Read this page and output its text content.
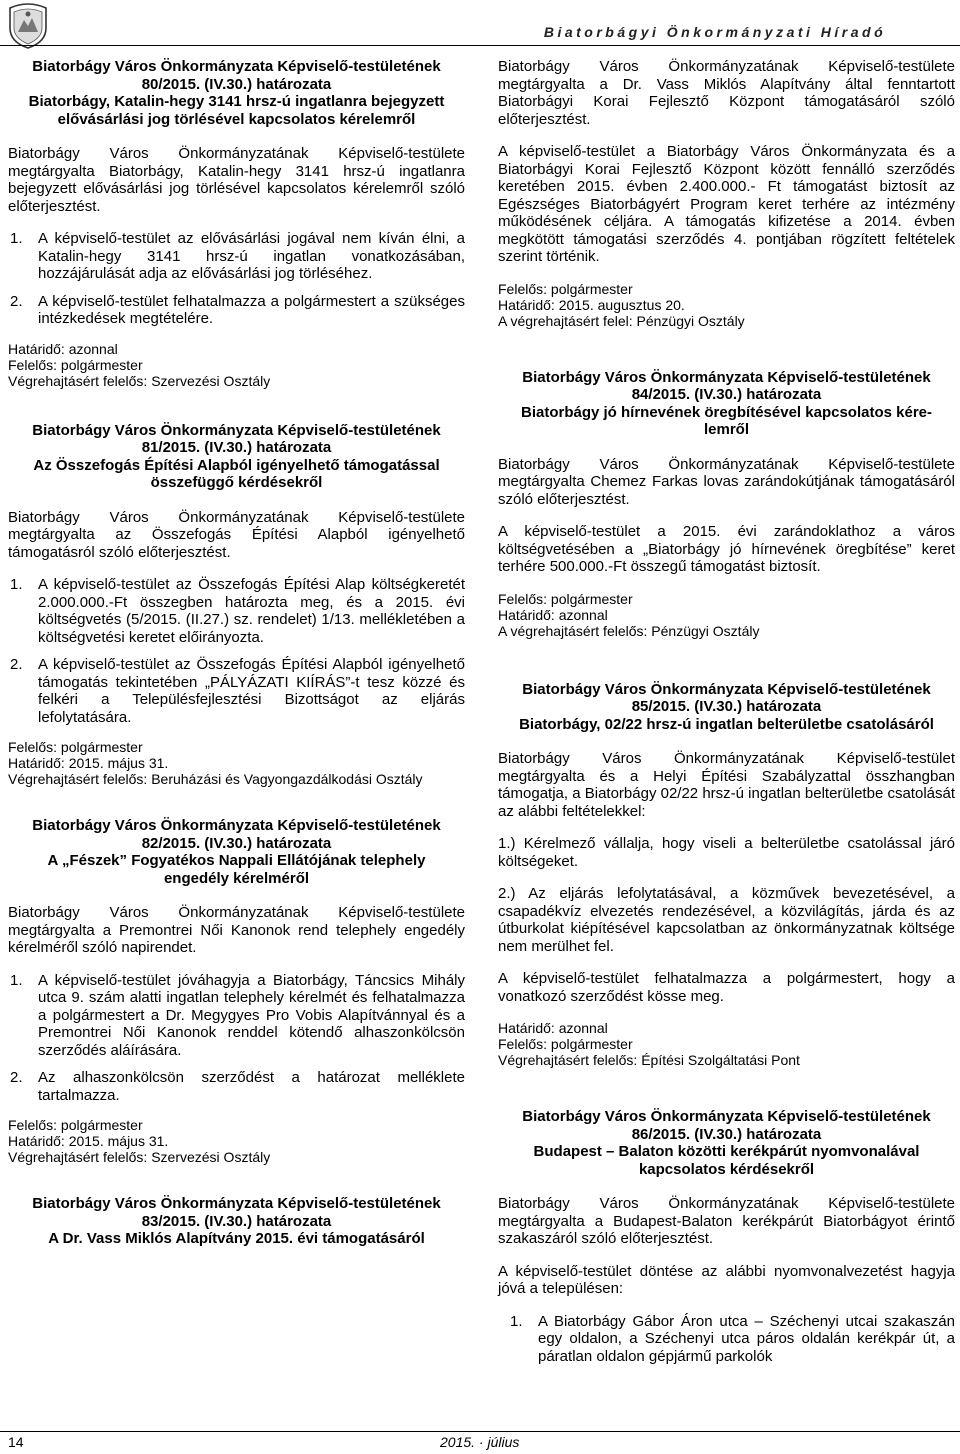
Biatorbágyi Önkormányzati Híradó
Biatorbágy Város Önkormányzata Képviselő-testületének
80/2015. (IV.30.) határozata
Biatorbágy, Katalin-hegy 3141 hrsz-ú ingatlanra bejegyzett
elővásárlási jog törlésével kapcsolatos kérelemről

Biatorbágy Város Önkormányzatának Képviselő-testülete megtárgyalta Biatorbágy, Katalin-hegy 3141 hrsz-ú ingatlanra bejegyzett elővásárlási jog törlésével kapcsolatos kérelemről szóló előterjesztést.

1.	A képviselő-testület az elővásárlási jogával nem kíván élni, a Katalin-hegy 3141 hrsz-ú ingatlan vonatkozásában, hozzájárulását adja az elővásárlási jog törléséhez.
2.	A képviselő-testület felhatalmazza a polgármestert a szükséges intézkedések megtételére.

Határidő: azonnal

Felelős: polgármester

Végrehajtásért felelős: Szervezési Osztály

Biatorbágy Város Önkormányzata Képviselő-testületének
81/2015. (IV.30.) határozata
Az Összefogás Építési Alapból igényelhető támogatással
összefüggő kérdésekről

Biatorbágy Város Önkormányzatának Képviselő-testülete megtárgyalta az Összefogás Építési Alapból igényelhető támogatásról szóló előterjesztést.

1.	A képviselő-testület az Összefogás Építési Alap költségkeretét 2.000.000.-Ft összegben határozta meg, és a 2015. évi költségvetés (5/2015. (II.27.) sz. rendelet) 1/13. mellékletében a költségvetési keretet előirányozta.
2.	A képviselő-testület az Összefogás Építési Alapból igényelhető támogatás tekintetében „PÁLYÁZATI KIÍRÁS”-t tesz közzé és felkéri a Településfejlesztési Bizottságot az eljárás lefolytatására.

Felelős: polgármester

Határidő: 2015. május 31.

Végrehajtásért felelős: Beruházási és Vagyongazdálkodási Osztály

Biatorbágy Város Önkormányzata Képviselő-testületének
82/2015. (IV.30.) határozata
A „Fészek” Fogyatékos Nappali Ellátójának telephely
engedély kérelméről

Biatorbágy Város Önkormányzatának Képviselő-testülete megtárgyalta a Premontrei Női Kanonok rend telephely engedély kérelméről szóló napirendet.

1.	A képviselő-testület jóváhagyja a Biatorbágy, Táncsics Mihály utca 9. szám alatti ingatlan telephely kérelmét és felhatalmazza a polgármestert a Dr. Megygyes Pro Vobis Alapítvánnyal és a Premontrei Női Kanonok renddel kötendő alhaszonkölcsön szerződés aláírására.
2.	Az alhaszonkölcsön szerződést a határozat melléklete tartalmazza.

Felelős: polgármester

Határidő: 2015. május 31.

Végrehajtásért felelős: Szervezési Osztály

Biatorbágy Város Önkormányzata Képviselő-testületének
83/2015. (IV.30.) határozata
A Dr. Vass Miklós Alapítvány 2015. évi támogatásáról

Biatorbágy Város Önkormányzatának Képviselő-testülete megtárgyalta a Dr. Vass Miklós Alapítvány által fenntartott Biatorbágyi Korai Fejlesztő Központ támogatásáról szóló előterjesztést.

A képviselő-testület a Biatorbágy Város Önkormányzata és a Biatorbágyi Korai Fejlesztő Központ között fennálló szerződés keretében 2015. évben 2.400.000.- Ft támogatást biztosít az Egészséges Biatorbágyért Program keret terhére az intézmény működésének céljára. A támogatás kifizetése a 2014. évben megkötött támogatási szerződés 4. pontjában rögzített feltételek szerint történik.

Felelős: polgármester

Határidő: 2015. augusztus 20.

A végrehajtásért felel: Pénzügyi Osztály

Biatorbágy Város Önkormányzata Képviselő-testületének
84/2015. (IV.30.) határozata
Biatorbágy jó hírnevének öregbítésével kapcsolatos kére-
lemről

Biatorbágy Város Önkormányzatának Képviselő-testülete megtárgyalta Chemez Farkas lovas zarándokútjának támogatásáról szóló előterjesztést.

A képviselő-testület a 2015. évi zarándoklathoz a város költségvetésében a „Biatorbágy jó hírnevének öregbítése” keret terhére 500.000.-Ft összegű támogatást biztosít.

Felelős: polgármester

Határidő: azonnal

A végrehajtásért felelős: Pénzügyi Osztály

Biatorbágy Város Önkormányzata Képviselő-testületének
85/2015. (IV.30.) határozata
Biatorbágy, 02/22 hrsz-ú ingatlan belterületbe csatolásáról

Biatorbágy Város Önkormányzatának Képviselő-testület megtárgyalta és a Helyi Építési Szabályzattal összhangban támogatja, a Biatorbágy 02/22 hrsz-ú ingatlan belterületbe csatolását az alábbi feltételekkel:

1.) Kérelmező vállalja, hogy viseli a belterületbe csatolással járó költségeket.

2.) Az eljárás lefolytatásával, a közművek bevezetésével, a csapadékvíz elvezetés rendezésével, a közvilágítás, járda és az útburkolat kiépítésével kapcsolatban az önkormányzatnak költsége nem merülhet fel.

A képviselő-testület felhatalmazza a polgármestert, hogy a vonatkozó szerződést kösse meg.

Határidő: azonnal

Felelős: polgármester

Végrehajtásért felelős: Építési Szolgáltatási Pont

Biatorbágy Város Önkormányzata Képviselő-testületének
86/2015. (IV.30.) határozata
Budapest – Balaton közötti kerékpárút nyomvonalával
kapcsolatos kérdésekről

Biatorbágy Város Önkormányzatának Képviselő-testülete megtárgyalta a Budapest-Balaton kerékpárút Biatorbágyot érintő szakaszáról szóló előterjesztést.

A képviselő-testület döntése az alábbi nyomvonalvezetést hagyja jóvá a településen:

1.	A Biatorbágy Gábor Áron utca – Széchenyi utcai szakaszán egy oldalon, a Széchenyi utca páros oldalán kerékpár út, a páratlan oldalon gépjármű parkolók
14	2015. · július
